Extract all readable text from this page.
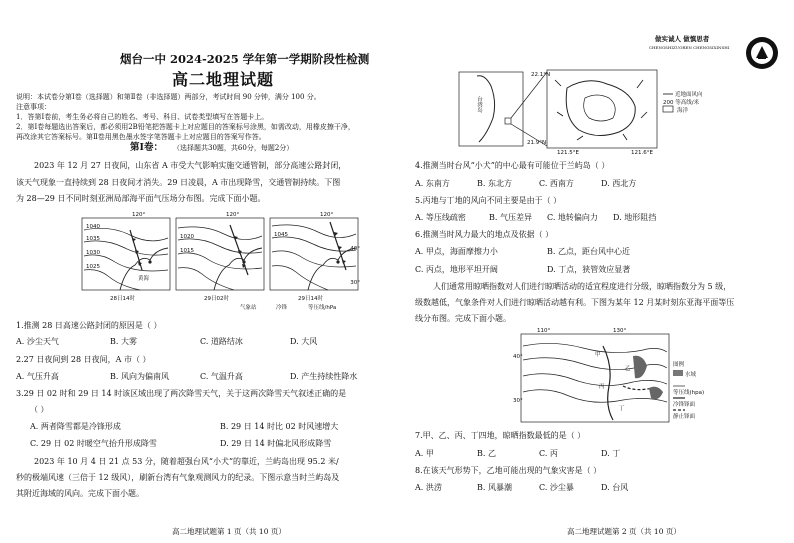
烟台一中 2024-2025 学年第一学期阶段性检测
高二地理试题
说明：本试卷分第Ⅰ卷（选择题）和第Ⅱ卷（非选择题）两部分，考试时间 90 分钟，满分 100 分。
注意事项：
1．答第Ⅰ卷前，考生务必将自己的姓名、考号、科目、试卷类型填写在答题卡上。
2．第Ⅰ卷每题选出答案后，都必须用2B铅笔把答题卡上对应题目的答案标号涂黑，如需改动，用橡皮擦干净，
再改涂其它答案标号。第Ⅱ卷用黑色墨水签字笔答题卡上对应题目的答案写作答。
第Ⅰ卷： （选择题共30题，共60分，每题2分）
2023 年 12 月 27 日夜间，山东省 A 市受大气影响实施交通管制，部分高速公路封闭，
该天气现象一直持续到 28 日夜间才消失。29 日凌晨，A 市出现降雪，交通管制持续。下图
为 28—29 日不同时刻亚洲局部海平面气压场分布图。完成下面小题。
120°	120°	120°
40°
30°
黄海
1040
1035
1030
1025
1020
1015
1045
28日14时	29日02时	29日14时
气象站	冷锋	等压线/hPa
1.推测 28 日高速公路封闭的原因是（ ）
A. 沙尘天气	B. 大雾	C. 道路结冰	D. 大风
2.27 日夜间到 28 日夜间，A 市（ ）
A. 气压升高	B. 风向为偏南风	C. 气温升高	D. 产生持续性降水
3.29 日 02 时和 29 日 14 时该区域出现了两次降雪天气，关于这两次降雪天气叙述正确的是
（ ）
A. 两者降雪都是冷锋形成	B. 29 日 14 时比 02 时风速增大
C. 29 日 02 时暖空气抬升形成降雪	D. 29 日 14 时偏北风形成降雪
2023 年 10 月 4 日 21 点 53 分，随着超强台风“小犬”的靠近，兰屿岛出现 95.2 米/
秒的极端风速（三倍于 12 级风），刷新台湾有气象观测风力的纪录。下图示意当时兰屿岛及
其附近海域的风向。完成下面小题。
高二地理试题第 1 页（共 10 页）
做实诚人 做慎思者
CHENGSHIZUOREN CHENGSIXINSHI
台湾岛
22.1°N
21.9°N
121.5°E	121.6°E
近地面风向
200 等高线/米
海洋
4.推测当时台风“小犬”的中心最有可能位于兰屿岛（ ）
A. 东南方	B. 东北方	C. 西南方	D. 西北方
5.丙地与丁地的风向不同主要是由于（ ）
A. 等压线疏密	B. 气压差异 C. 地转偏向力 D. 地形阻挡
6.推测当时风力最大的地点及依据（ ）
A. 甲点，海面摩擦力小	B. 乙点，距台风中心近
C. 丙点，地形平坦开阔	D. 丁点，狭管效应显著
人们通常用晾晒指数对人们进行晾晒活动的适宜程度进行分级，晾晒指数分为 5 级，
级数越低，气象条件对人们进行晾晒活动越有利。下图为某年 12 月某时刻东亚海平面等压
线分布图。完成下面小题。
110°	130°
40°
30°
图例
水域
等压线(hpa)
冷锋锋面
静止锋面
甲
乙
丙
丁
7.甲、乙、丙、丁四地，晾晒指数最低的是（ ）
A. 甲	B. 乙	C. 丙	D. 丁
8.在该天气形势下，乙地可能出现的气象灾害是（ ）
A. 洪涝	B. 风暴潮	C. 沙尘暴	D. 台风
高二地理试题第 2 页（共 10 页）
